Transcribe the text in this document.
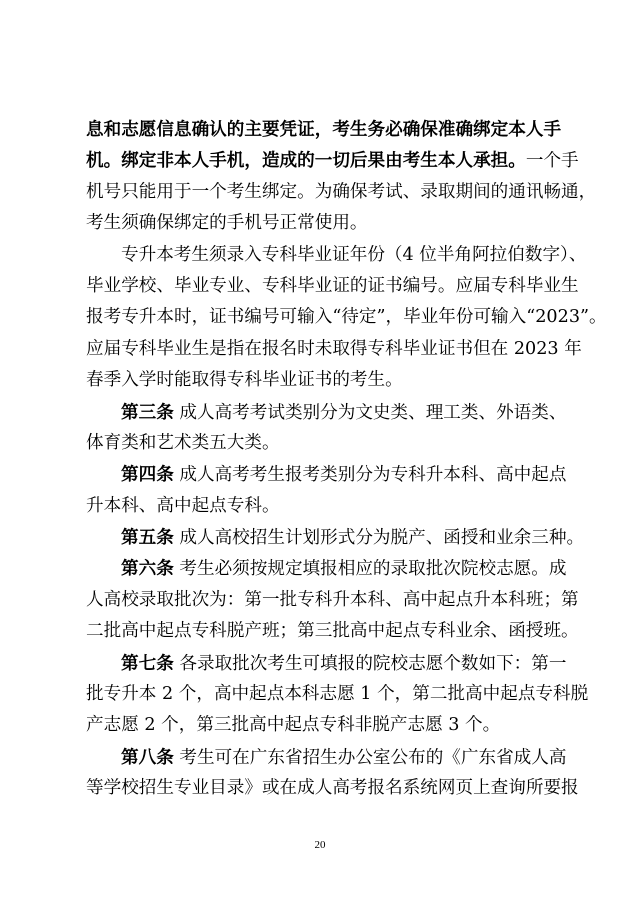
息和志愿信息确认的主要凭证，考生务必确保准确绑定本人手
机。绑定非本人手机，造成的一切后果由考生本人承担。一个手
机号只能用于一个考生绑定。为确保考试、录取期间的通讯畅通，
考生须确保绑定的手机号正常使用。
专升本考生须录入专科毕业证年份（4 位半角阿拉伯数字）、
毕业学校、毕业专业、专科毕业证的证书编号。应届专科毕业生
报考专升本时，证书编号可输入“待定”，毕业年份可输入“2023”。
应届专科毕业生是指在报名时未取得专科毕业证书但在 2023 年
春季入学时能取得专科毕业证书的考生。
第三条 成人高考考试类别分为文史类、理工类、外语类、
体育类和艺术类五大类。
第四条 成人高考考生报考类别分为专科升本科、高中起点
升本科、高中起点专科。
第五条 成人高校招生计划形式分为脱产、函授和业余三种。
第六条 考生必须按规定填报相应的录取批次院校志愿。成
人高校录取批次为：第一批专科升本科、高中起点升本科班；第
二批高中起点专科脱产班；第三批高中起点专科业余、函授班。
第七条 各录取批次考生可填报的院校志愿个数如下：第一
批专升本 2 个，高中起点本科志愿 1 个，第二批高中起点专科脱
产志愿 2 个，第三批高中起点专科非脱产志愿 3 个。
第八条 考生可在广东省招生办公室公布的《广东省成人高
等学校招生专业目录》或在成人高考报名系统网页上查询所要报
20
